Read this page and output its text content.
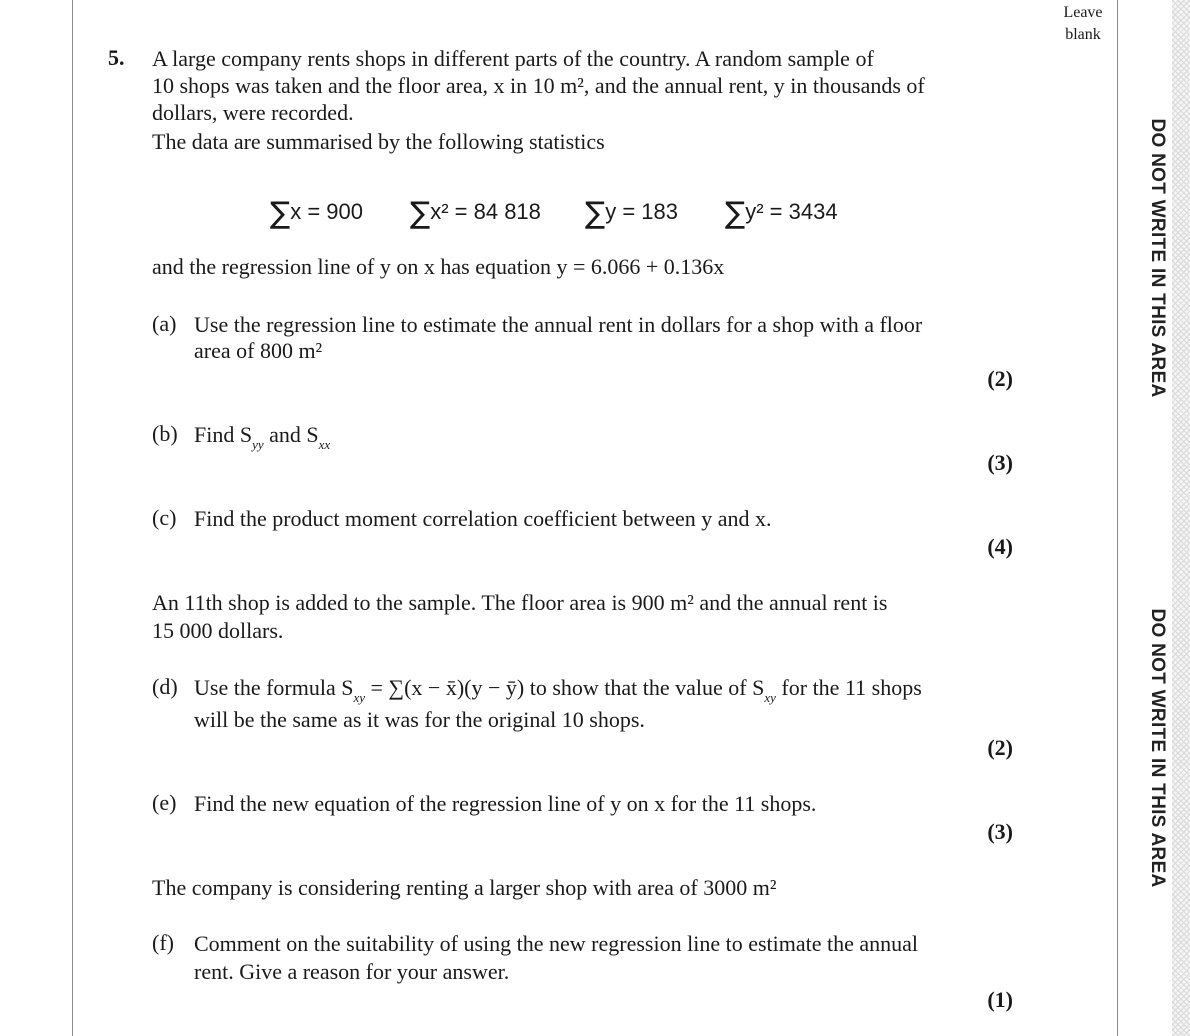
Leave blank
DO NOT WRITE IN THIS AREA
DO NOT WRITE IN THIS AREA
5. A large company rents shops in different parts of the country. A random sample of
10 shops was taken and the floor area, x in 10 m², and the annual rent, y in thousands of
dollars, were recorded.
The data are summarised by the following statistics
∑x = 900 ∑x² = 84 818 ∑y = 183 ∑y² = 3434
and the regression line of y on x has equation y = 6.066 + 0.136x
(a) Use the regression line to estimate the annual rent in dollars for a shop with a floor
area of 800 m²
(2)
(b) Find $S_{yy}$ and $S_{xx}$
(3)
(c) Find the product moment correlation coefficient between y and x.
(4)
An 11th shop is added to the sample. The floor area is 900 m² and the annual rent is
15 000 dollars.
(d) Use the formula $S_{xy} = \sum(x$ − x̄)(y − ȳ) to show that the value of $S_{xy}$ for the 11 shops
will be the same as it was for the original 10 shops.
(2)
(e) Find the new equation of the regression line of y on x for the 11 shops.
(3)
The company is considering renting a larger shop with area of 3000 m²
(f) Comment on the suitability of using the new regression line to estimate the annual
rent. Give a reason for your answer.
(1)
